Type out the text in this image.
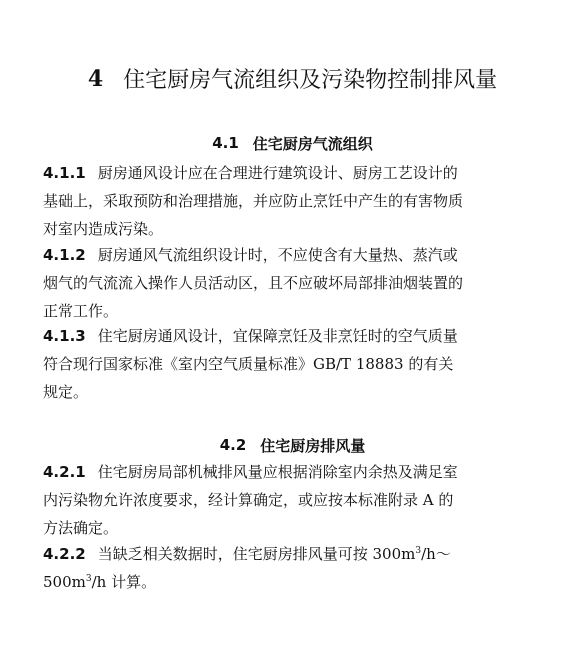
4 住宅厨房气流组织及污染物控制排风量
4.1 住宅厨房气流组织
4.1.1 厨房通风设计应在合理进行建筑设计、厨房工艺设计的
基础上，采取预防和治理措施，并应防止烹饪中产生的有害物质
对室内造成污染。
4.1.2 厨房通风气流组织设计时，不应使含有大量热、蒸汽或
烟气的气流流入操作人员活动区，且不应破坏局部排油烟装置的
正常工作。
4.1.3 住宅厨房通风设计，宜保障烹饪及非烹饪时的空气质量
符合现行国家标准《室内空气质量标准》GB/T 18883 的有关
规定。
4.2 住宅厨房排风量
4.2.1 住宅厨房局部机械排风量应根据消除室内余热及满足室
内污染物允许浓度要求，经计算确定，或应按本标准附录 A 的
方法确定。
4.2.2 当缺乏相关数据时，住宅厨房排风量可按 $300m^3/h\sim$
$500m^3/h$ 计算。
